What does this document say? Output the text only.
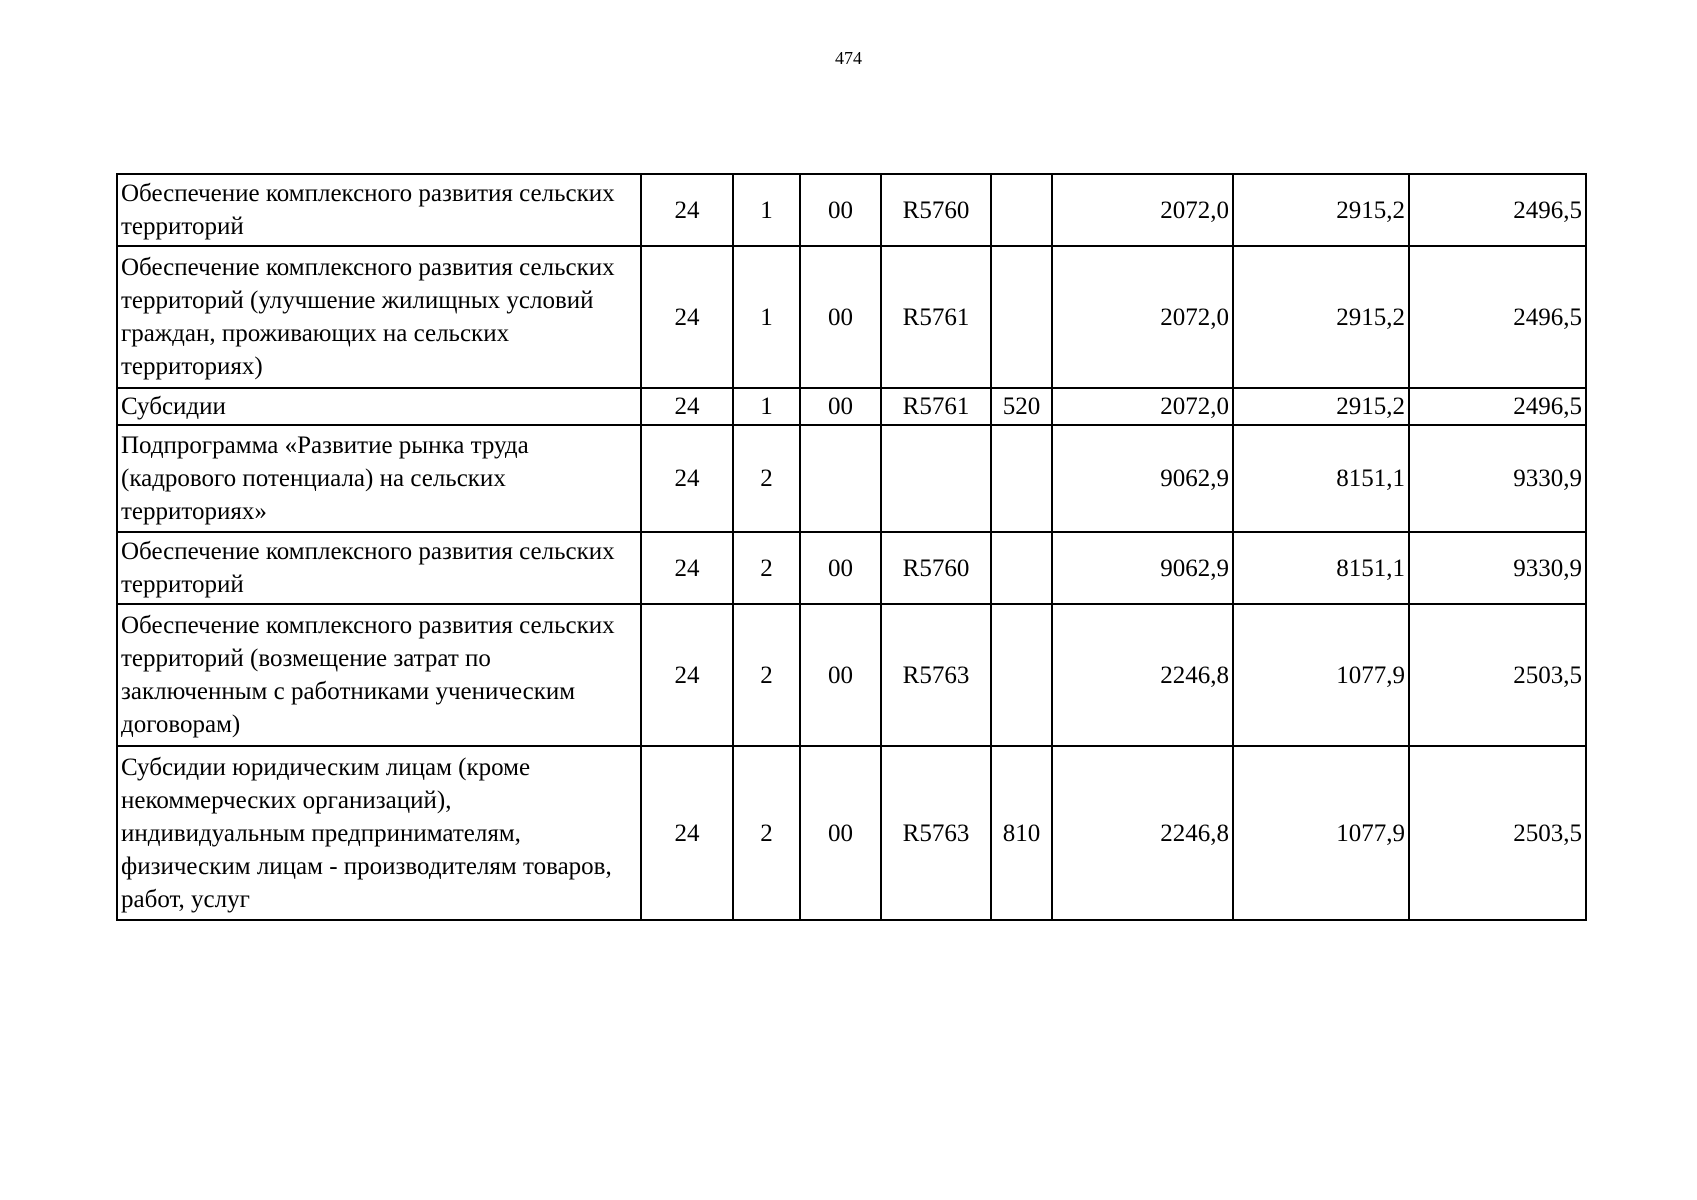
474
Обеспечение комплексного развития сельских территорий	24	1	00	R5760		2072,0	2915,2	2496,5
Обеспечение комплексного развития сельских территорий (улучшение жилищных условий граждан, проживающих на сельских территориях)	24	1	00	R5761		2072,0	2915,2	2496,5
Субсидии	24	1	00	R5761	520	2072,0	2915,2	2496,5
Подпрограмма «Развитие рынка труда (кадрового потенциала) на сельских территориях»	24	2				9062,9	8151,1	9330,9
Обеспечение комплексного развития сельских территорий	24	2	00	R5760		9062,9	8151,1	9330,9
Обеспечение комплексного развития сельских территорий (возмещение затрат по заключенным с работниками ученическим договорам)	24	2	00	R5763		2246,8	1077,9	2503,5
Субсидии юридическим лицам (кроме некоммерческих организаций), индивидуальным предпринимателям, физическим лицам - производителям товаров, работ, услуг	24	2	00	R5763	810	2246,8	1077,9	2503,5
